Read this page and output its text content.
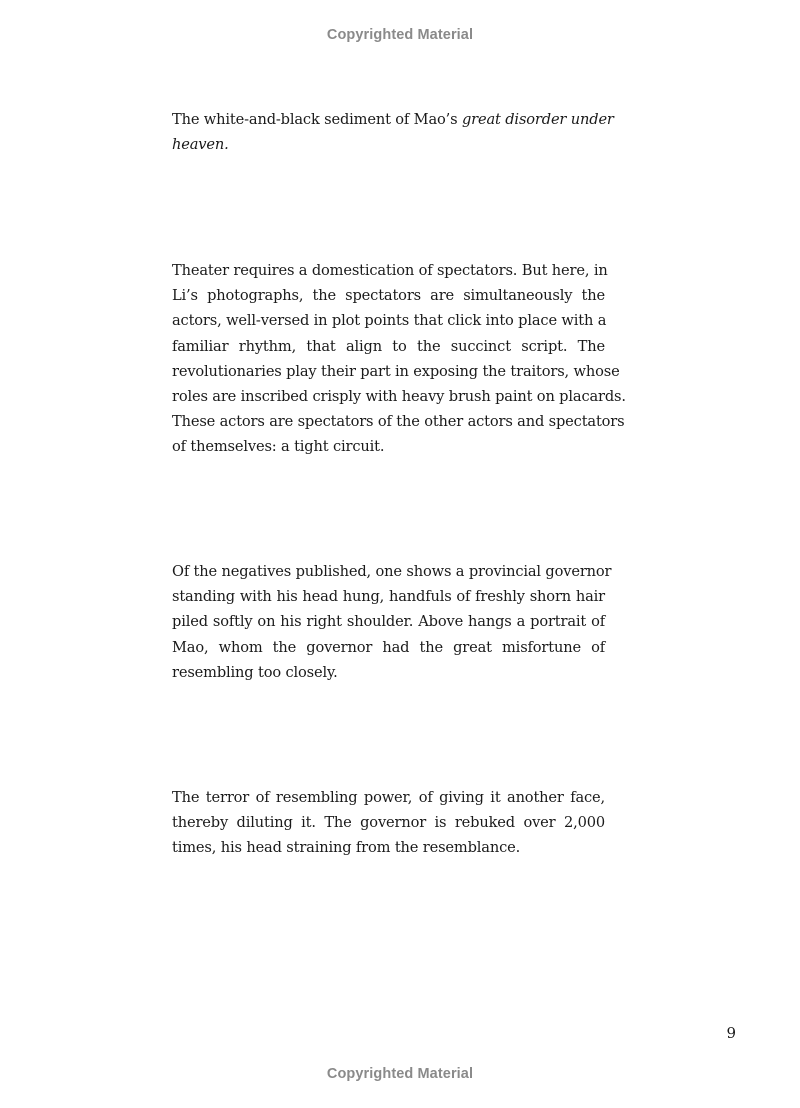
Copyrighted Material

The white-and-black sediment of Mao’s great disorder under
heaven.

Theater requires a domestication of spectators. But here, in
Li’s photographs, the spectators are simultaneously the
actors, well-versed in plot points that click into place with a
familiar rhythm, that align to the succinct script. The
revolutionaries play their part in exposing the traitors, whose
roles are inscribed crisply with heavy brush paint on placards.
These actors are spectators of the other actors and spectators
of themselves: a tight circuit.

Of the negatives published, one shows a provincial governor
standing with his head hung, handfuls of freshly shorn hair
piled softly on his right shoulder. Above hangs a portrait of
Mao, whom the governor had the great misfortune of
resembling too closely.

The terror of resembling power, of giving it another face,
thereby diluting it. The governor is rebuked over 2,000
times, his head straining from the resemblance.

9
Copyrighted Material
